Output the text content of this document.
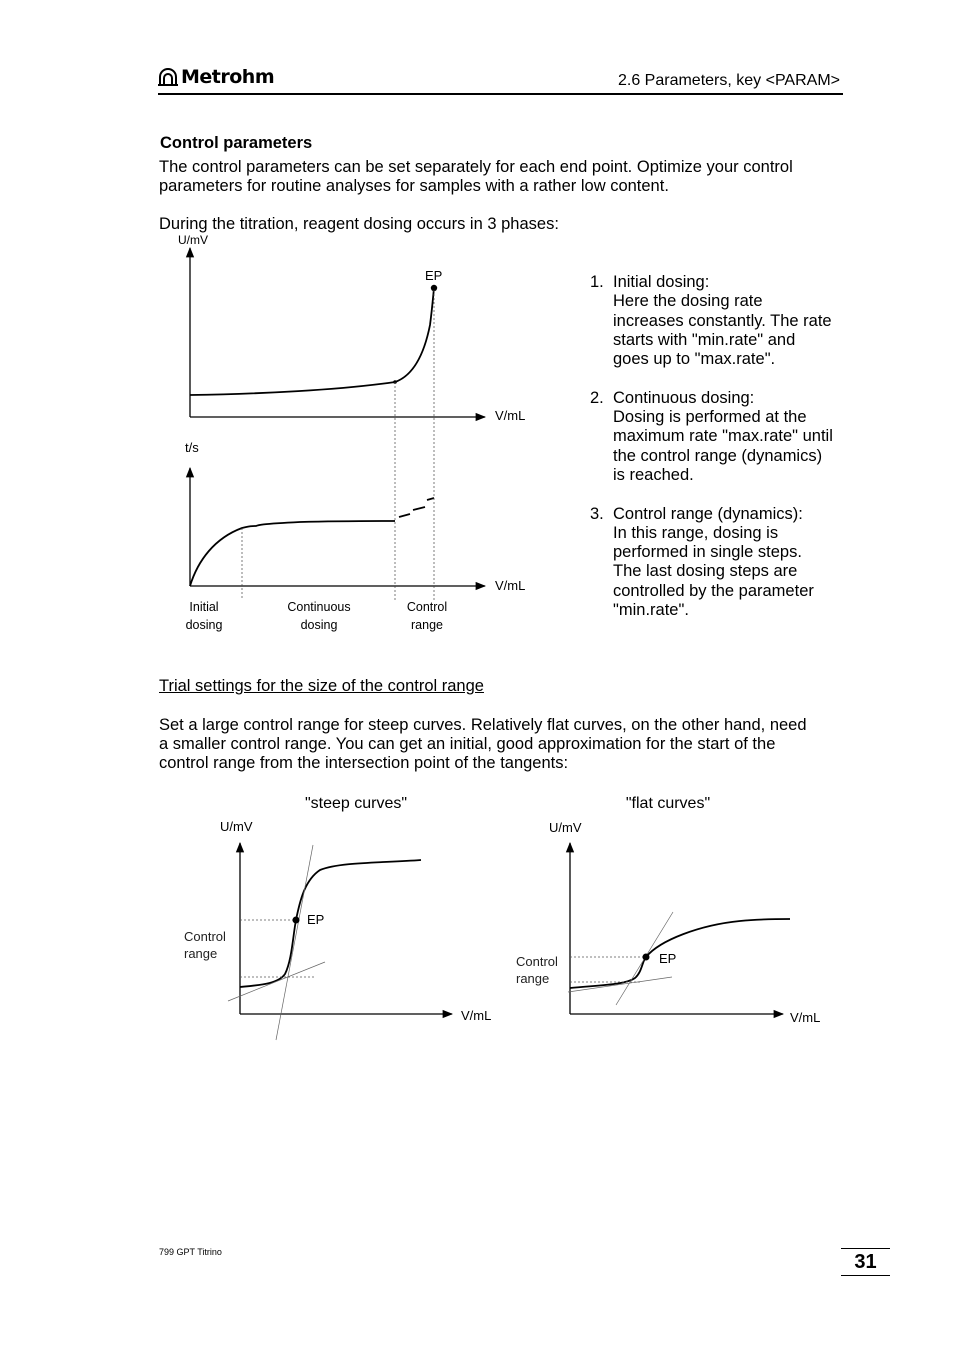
Metrohm	2.6 Parameters, key <PARAM>
Control parameters
The control parameters can be set separately for each end point. Optimize your control
parameters for routine analyses for samples with a rather low content.
During the titration, reagent dosing occurs in 3 phases:
U/mV
V/mL
EP
t/s
V/mL
Initial
dosing
Continuous
dosing
Control
range
"steep curves"
U/mV
V/mL
EP
Control
range
"flat curves"
U/mV
V/mL
EP
Control
range
1. Initial dosing:
Here the dosing rate
increases constantly. The rate
starts with "min.rate" and
goes up to "max.rate".
2. Continuous dosing:
Dosing is performed at the
maximum rate "max.rate" until
the control range (dynamics)
is reached.
3. Control range (dynamics):
In this range, dosing is
performed in single steps.
The last dosing steps are
controlled by the parameter
"min.rate".
Trial settings for the size of the control range
Set a large control range for steep curves. Relatively flat curves, on the other hand, need
a smaller control range. You can get an initial, good approximation for the start of the
control range from the intersection point of the tangents:
799 GPT Titrino	31
